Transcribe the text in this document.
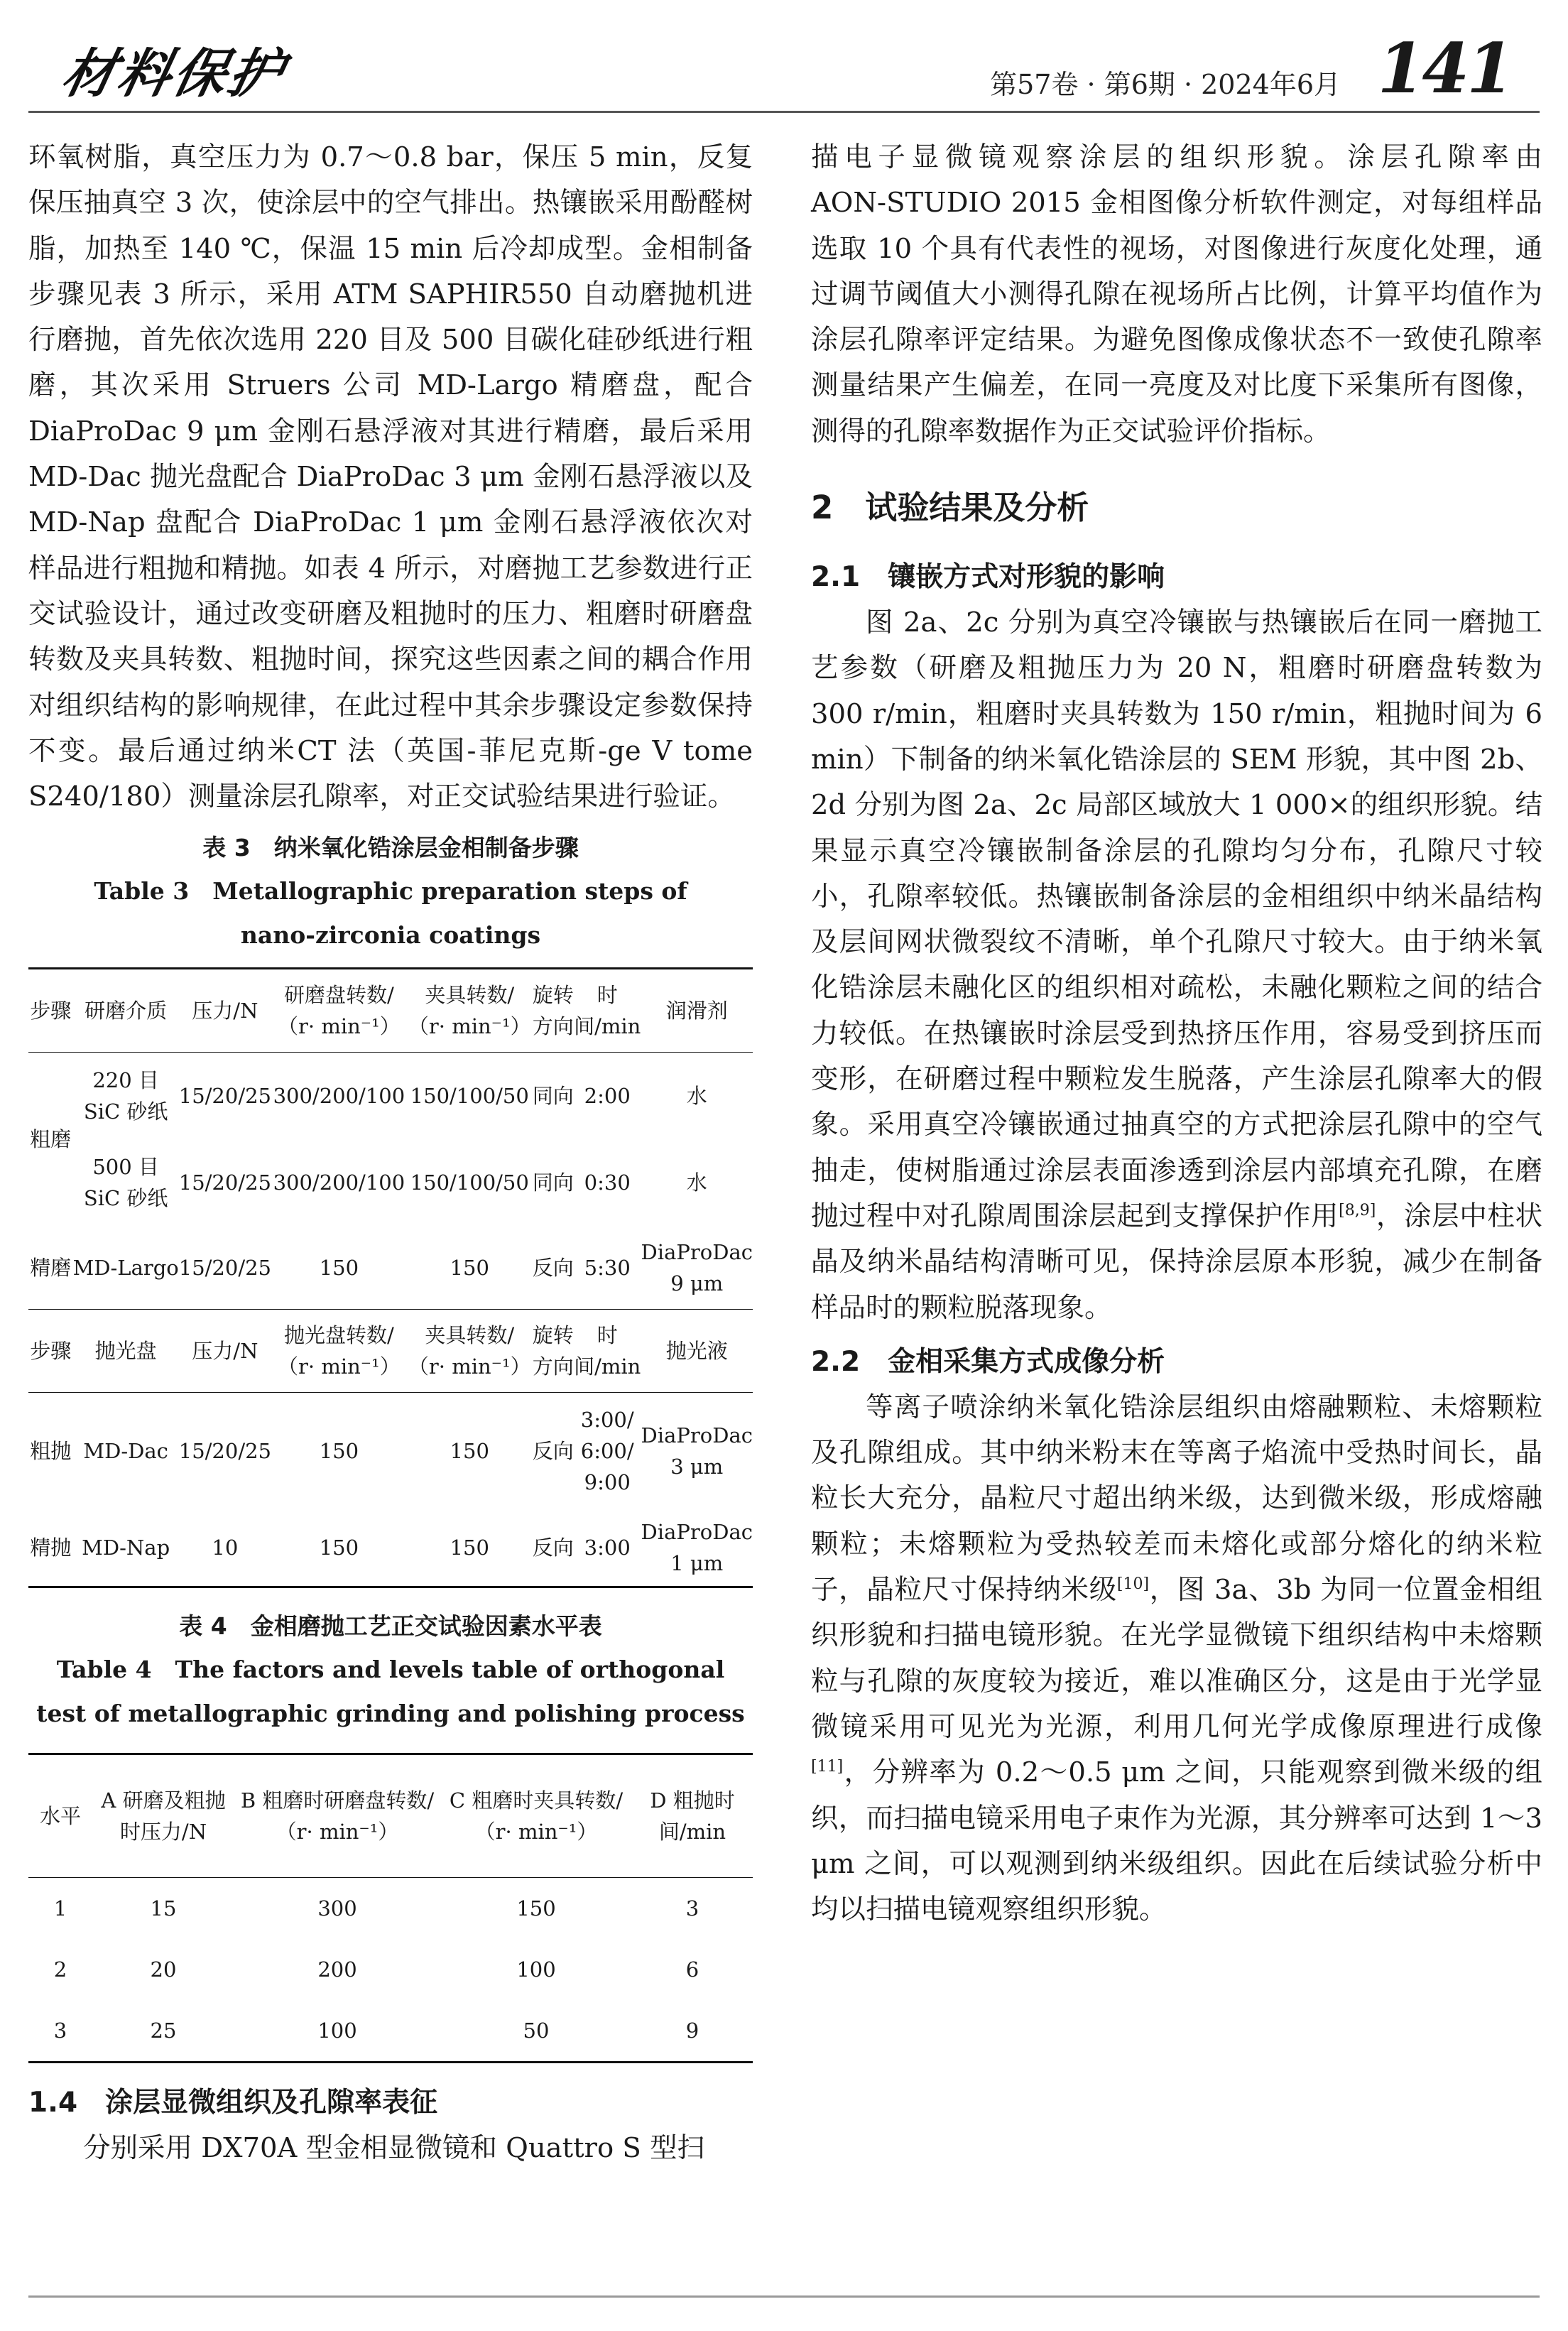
材料保护	第57卷 · 第6期 · 2024年6月 141

环氧树脂，真空压力为 0.7～0.8 bar，保压 5 min，反复保压抽真空 3 次，使涂层中的空气排出。热镶嵌采用酚醛树脂，加热至 140 ℃，保温 15 min 后冷却成型。金相制备步骤见表 3 所示，采用 ATM SAPHIR550 自动磨抛机进行磨抛，首先依次选用 220 目及 500 目碳化硅砂纸进行粗磨，其次采用 Struers 公司 MD‑Largo 精磨盘，配合 DiaProDac 9 μm 金刚石悬浮液对其进行精磨，最后采用 MD‑Dac 抛光盘配合 DiaProDac 3 μm 金刚石悬浮液以及 MD‑Nap 盘配合 DiaProDac 1 μm 金刚石悬浮液依次对样品进行粗抛和精抛。如表 4 所示，对磨抛工艺参数进行正交试验设计，通过改变研磨及粗抛时的压力、粗磨时研磨盘转数及夹具转数、粗抛时间，探究这些因素之间的耦合作用对组织结构的影响规律，在此过程中其余步骤设定参数保持不变。最后通过纳米CT 法（英国‑菲尼克斯‑ge V tome S240/180）测量涂层孔隙率，对正交试验结果进行验证。

表 3　纳米氧化锆涂层金相制备步骤
Table 3　Metallographic preparation steps of nano‑zirconia coatings
步骤	研磨介质	压力/N	研磨盘转数/（r· min⁻¹）	夹具转数/（r· min⁻¹）	旋转方向	时间/min	润滑剂
粗磨	220 目 SiC 砂纸	15/20/25	300/200/100	150/100/50	同向	2:00	水
	500 目 SiC 砂纸	15/20/25	300/200/100	150/100/50	同向	0:30	水
精磨	MD‑Largo	15/20/25	150	150	反向	5:30	DiaProDac 9 μm
步骤	抛光盘	压力/N	抛光盘转数/（r· min⁻¹）	夹具转数/（r· min⁻¹）	旋转方向	时间/min	抛光液
粗抛	MD‑Dac	15/20/25	150	150	反向	3:00/ 6:00/ 9:00	DiaProDac 3 μm
精抛	MD‑Nap	10	150	150	反向	3:00	DiaProDac 1 μm
表 4　金相磨抛工艺正交试验因素水平表
Table 4　The factors and levels table of orthogonal test of metallographic grinding and polishing process
水平	A 研磨及粗抛时压力/N	B 粗磨时研磨盘转数/（r· min⁻¹）	C 粗磨时夹具转数/（r· min⁻¹）	D 粗抛时间/min
1	15	300	150	3
2	20	200	100	6
3	25	100	50	9
1.4　涂层显微组织及孔隙率表征

分别采用 DX70A 型金相显微镜和 Quattro S 型扫

描电子显微镜观察涂层的组织形貌。涂层孔隙率由AON‑STUDIO 2015 金相图像分析软件测定，对每组样品选取 10 个具有代表性的视场，对图像进行灰度化处理，通过调节阈值大小测得孔隙在视场所占比例，计算平均值作为涂层孔隙率评定结果。为避免图像成像状态不一致使孔隙率测量结果产生偏差，在同一亮度及对比度下采集所有图像，测得的孔隙率数据作为正交试验评价指标。

2　试验结果及分析
2.1　镶嵌方式对形貌的影响

图 2a、2c 分别为真空冷镶嵌与热镶嵌后在同一磨抛工艺参数（研磨及粗抛压力为 20 N，粗磨时研磨盘转数为 300 r/min，粗磨时夹具转数为 150 r/min，粗抛时间为 6 min）下制备的纳米氧化锆涂层的 SEM 形貌，其中图 2b、2d 分别为图 2a、2c 局部区域放大 1 000×的组织形貌。结果显示真空冷镶嵌制备涂层的孔隙均匀分布，孔隙尺寸较小，孔隙率较低。热镶嵌制备涂层的金相组织中纳米晶结构及层间网状微裂纹不清晰，单个孔隙尺寸较大。由于纳米氧化锆涂层未融化区的组织相对疏松，未融化颗粒之间的结合力较低。在热镶嵌时涂层受到热挤压作用，容易受到挤压而变形，在研磨过程中颗粒发生脱落，产生涂层孔隙率大的假象。采用真空冷镶嵌通过抽真空的方式把涂层孔隙中的空气抽走，使树脂通过涂层表面渗透到涂层内部填充孔隙，在磨抛过程中对孔隙周围涂层起到支撑保护作用[8,9]，涂层中柱状晶及纳米晶结构清晰可见，保持涂层原本形貌，减少在制备样品时的颗粒脱落现象。

2.2　金相采集方式成像分析

等离子喷涂纳米氧化锆涂层组织由熔融颗粒、未熔颗粒及孔隙组成。其中纳米粉末在等离子焰流中受热时间长，晶粒长大充分，晶粒尺寸超出纳米级，达到微米级，形成熔融颗粒；未熔颗粒为受热较差而未熔化或部分熔化的纳米粒子，晶粒尺寸保持纳米级[10]，图 3a、3b 为同一位置金相组织形貌和扫描电镜形貌。在光学显微镜下组织结构中未熔颗粒与孔隙的灰度较为接近，难以准确区分，这是由于光学显微镜采用可见光为光源，利用几何光学成像原理进行成像[11]，分辨率为 0.2～0.5 μm 之间，只能观察到微米级的组织，而扫描电镜采用电子束作为光源，其分辨率可达到 1～3 μm 之间，可以观测到纳米级组织。因此在后续试验分析中均以扫描电镜观察组织形貌。
